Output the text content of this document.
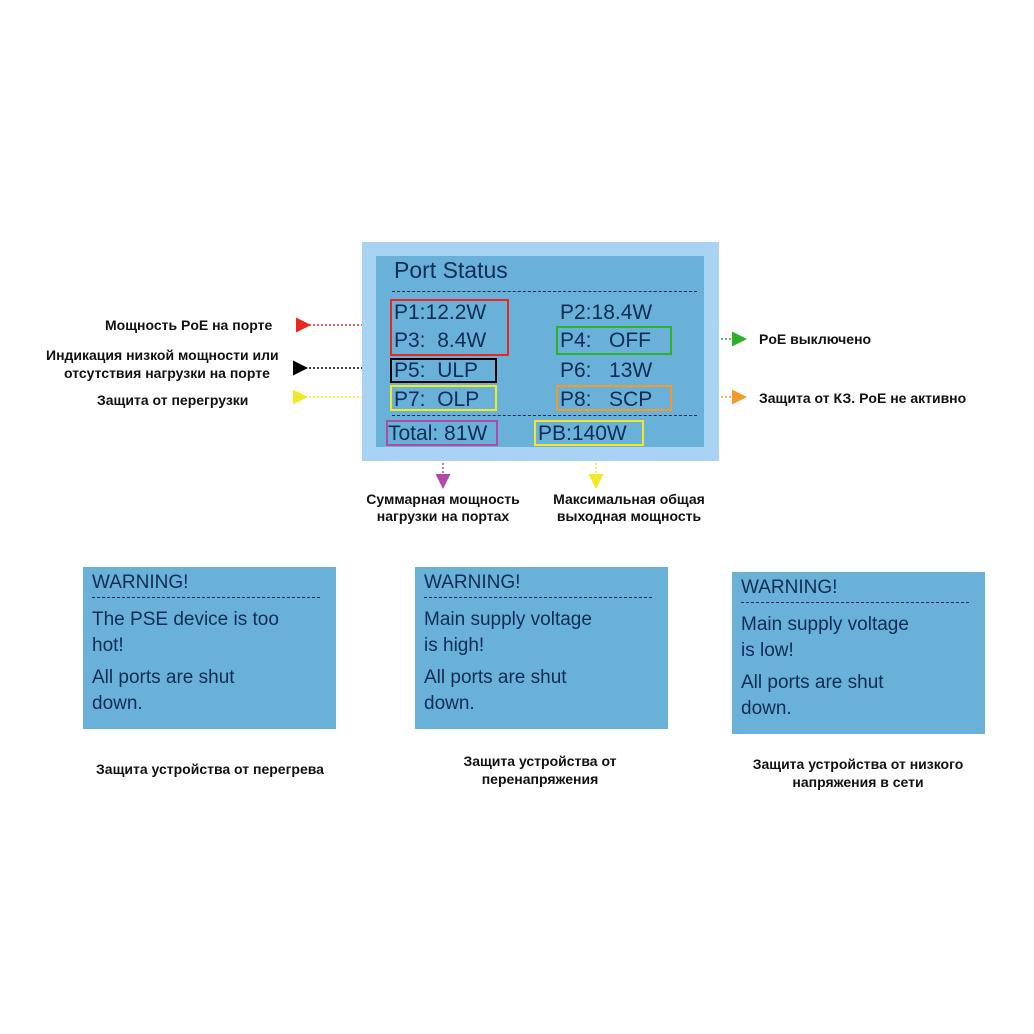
Port Status
P1:12.2W	P2:18.4W
P3:  8.4W	P4:   OFF
P5:  ULP	P6:   13W
P7:  OLP	P8:   SCP
Total: 81W PB:140W
Мощность PoE на порте
Индикация низкой мощности или
отсутствия нагрузки на порте
Защита от перегрузки
PoE выключено
Защита от КЗ. PoE не активно
Суммарная мощность
нагрузки на портах
Максимальная общая
выходная мощность
WARNING!
The PSE device is too
hot!
All ports are shut
down.
WARNING!
Main supply voltage
is high!
All ports are shut
down.
WARNING!
Main supply voltage
is low!
All ports are shut
down.
Защита устройства от перегрева	Защита устройства от
перенапряжения
Защита устройства от низкого
напряжения в сети
